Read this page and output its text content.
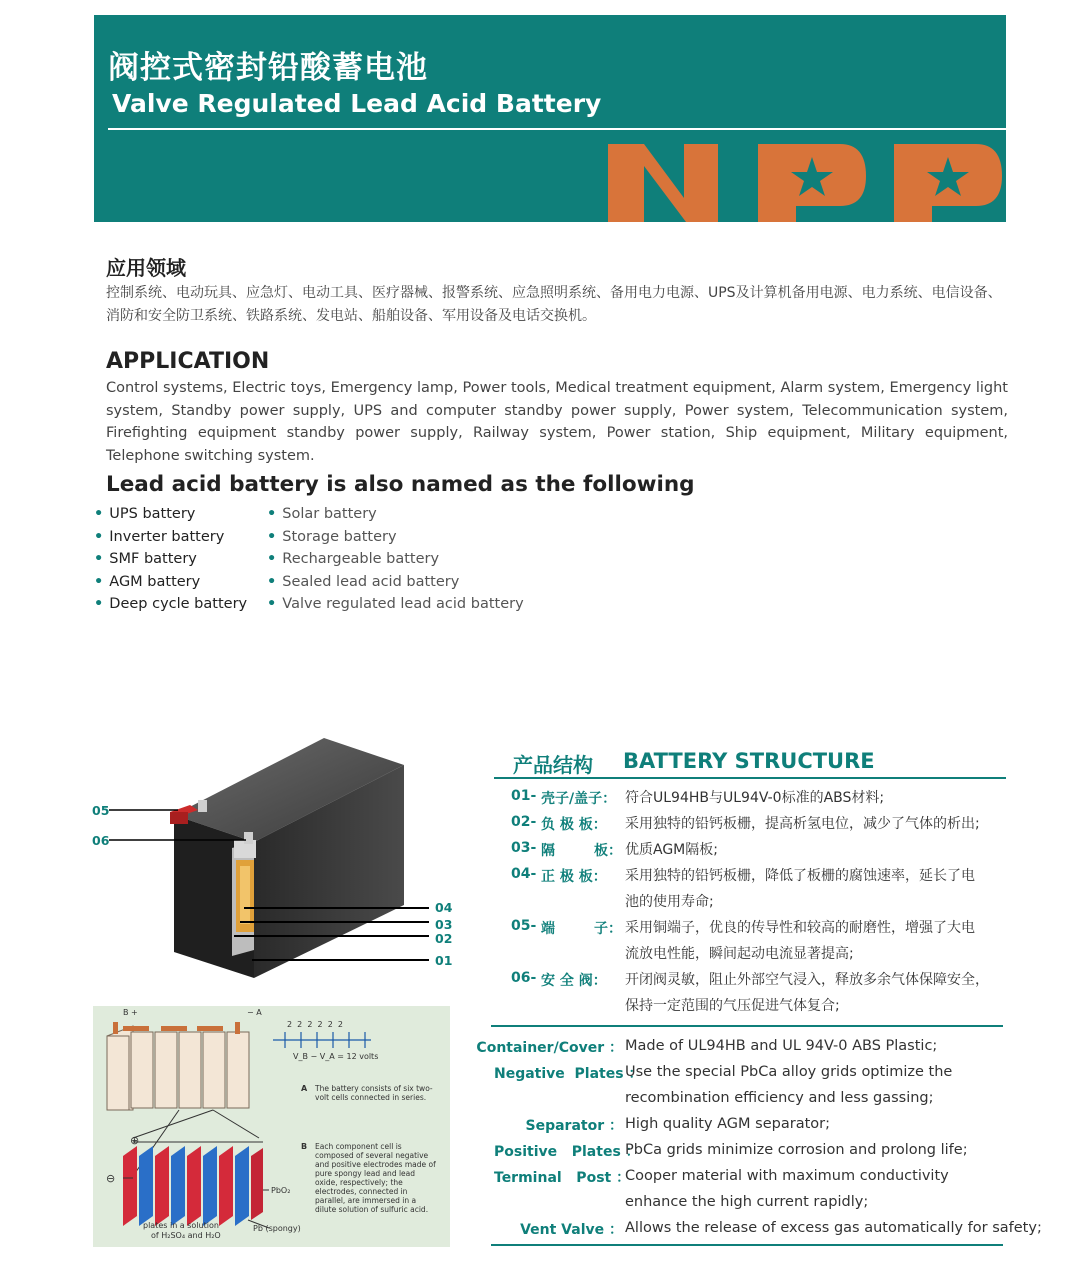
阀控式密封铅酸蓄电池
Valve Regulated Lead Acid Battery
应用领域
控制系统、电动玩具、应急灯、电动工具、医疗器械、报警系统、应急照明系统、备用电力电源、UPS及计算机备用电源、电力系统、电信设备、消防和安全防卫系统、铁路系统、发电站、船舶设备、军用设备及电话交换机。
APPLICATION
Control systems, Electric toys, Emergency lamp, Power tools, Medical treatment equipment, Alarm system, Emergency light system, Standby power supply, UPS and computer standby power supply, Power system, Telecommunication system, Firefighting equipment standby power supply, Railway system, Power station, Ship equipment, Military equipment, Telephone switching system.
Lead acid battery is also named as the following
• UPS battery
• Inverter battery
• SMF battery
• AGM battery
• Deep cycle battery
• Solar battery
• Storage battery
• Rechargeable battery
• Sealed lead acid battery
• Valve regulated lead acid battery
05
06
04
03
02
01
B +	− A
2  2  2  2  2  2
V_B − V_A = 12 volts
A The battery consists of six two-volt cells connected in series.
B Each component cell is composed of several negative and positive electrodes made of pure spongy lead and lead oxide, respectively; the electrodes, connected in parallel, are immersed in a dilute solution of sulfuric acid.
⊕
⊖
PbO₂
Pb (spongy)
plates in a solution
of H₂SO₄ and H₂O
产品结构 BATTERY STRUCTURE
01- 壳子/盖子： 符合UL94HB与UL94V-0标准的ABS材料;
02- 负 极 板： 采用独特的铅钙板栅，提高析氢电位，减少了气体的析出;
03- 隔        板： 优质AGM隔板;
04- 正 极 板： 采用独特的铅钙板栅，降低了板栅的腐蚀速率，延长了电
池的使用寿命;
05- 端        子： 采用铜端子，优良的传导性和较高的耐磨性，增强了大电
流放电性能，瞬间起动电流显著提高;
06- 安 全 阀： 开闭阀灵敏，阻止外部空气浸入，释放多余气体保障安全，
保持一定范围的气压促进气体复合;
Container/Cover ： Made of UL94HB and UL 94V-0 ABS Plastic;
Negative  Plates ：
Use the special PbCa alloy grids optimize the
recombination efficiency and less gassing;
Separator ： High quality AGM separator;
Positive   Plates ：
PbCa grids minimize corrosion and prolong life;
Terminal   Post ：
Cooper material with maximum conductivity
enhance the high current rapidly;
Vent Valve ： Allows the release of excess gas automatically for safety;
